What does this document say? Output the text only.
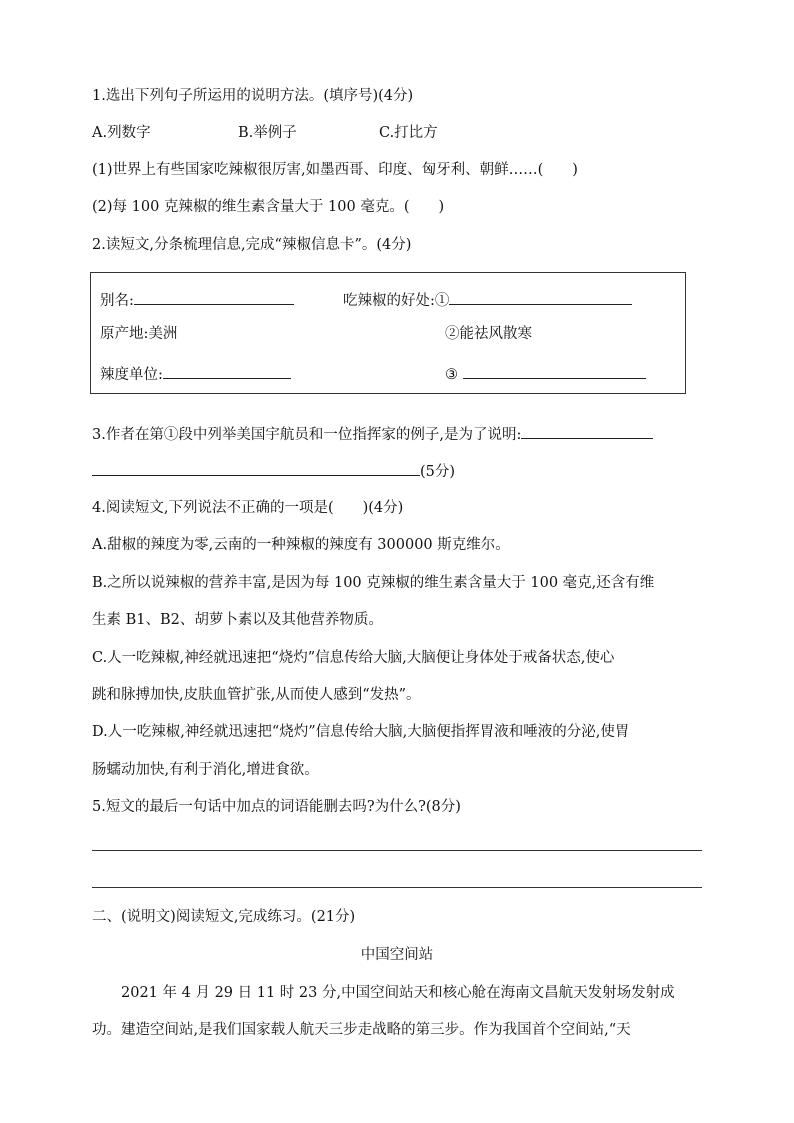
1.选出下列句子所运用的说明方法。(填序号)(4分)
A.列数字	B.举例子	C.打比方
(1)世界上有些国家吃辣椒很厉害,如墨西哥、印度、匈牙利、朝鲜……(　　)
(2)每 100 克辣椒的维生素含量大于 100 毫克。(　　)
2.读短文,分条梳理信息,完成“辣椒信息卡”。(4分)
别名:	吃辣椒的好处:①
原产地:美洲	②能祛风散寒
辣度单位:	③
3.作者在第①段中列举美国宇航员和一位指挥家的例子,是为了说明:
(5分)
4.阅读短文,下列说法不正确的一项是(　　)(4分)
A.甜椒的辣度为零,云南的一种辣椒的辣度有 300000 斯克维尔。
B.之所以说辣椒的营养丰富,是因为每 100 克辣椒的维生素含量大于 100 毫克,还含有维
生素 B1、B2、胡萝卜素以及其他营养物质。
C.人一吃辣椒,神经就迅速把“烧灼”信息传给大脑,大脑便让身体处于戒备状态,使心
跳和脉搏加快,皮肤血管扩张,从而使人感到“发热”。
D.人一吃辣椒,神经就迅速把“烧灼”信息传给大脑,大脑便指挥胃液和唾液的分泌,使胃
肠蠕动加快,有利于消化,增进食欲。
5.短文的最后一句话中加点的词语能删去吗?为什么?(8分)
二、(说明文)阅读短文,完成练习。(21分)
中国空间站
2021 年 4 月 29 日 11 时 23 分,中国空间站天和核心舱在海南文昌航天发射场发射成
功。建造空间站,是我们国家载人航天三步走战略的第三步。作为我国首个空间站,“天
